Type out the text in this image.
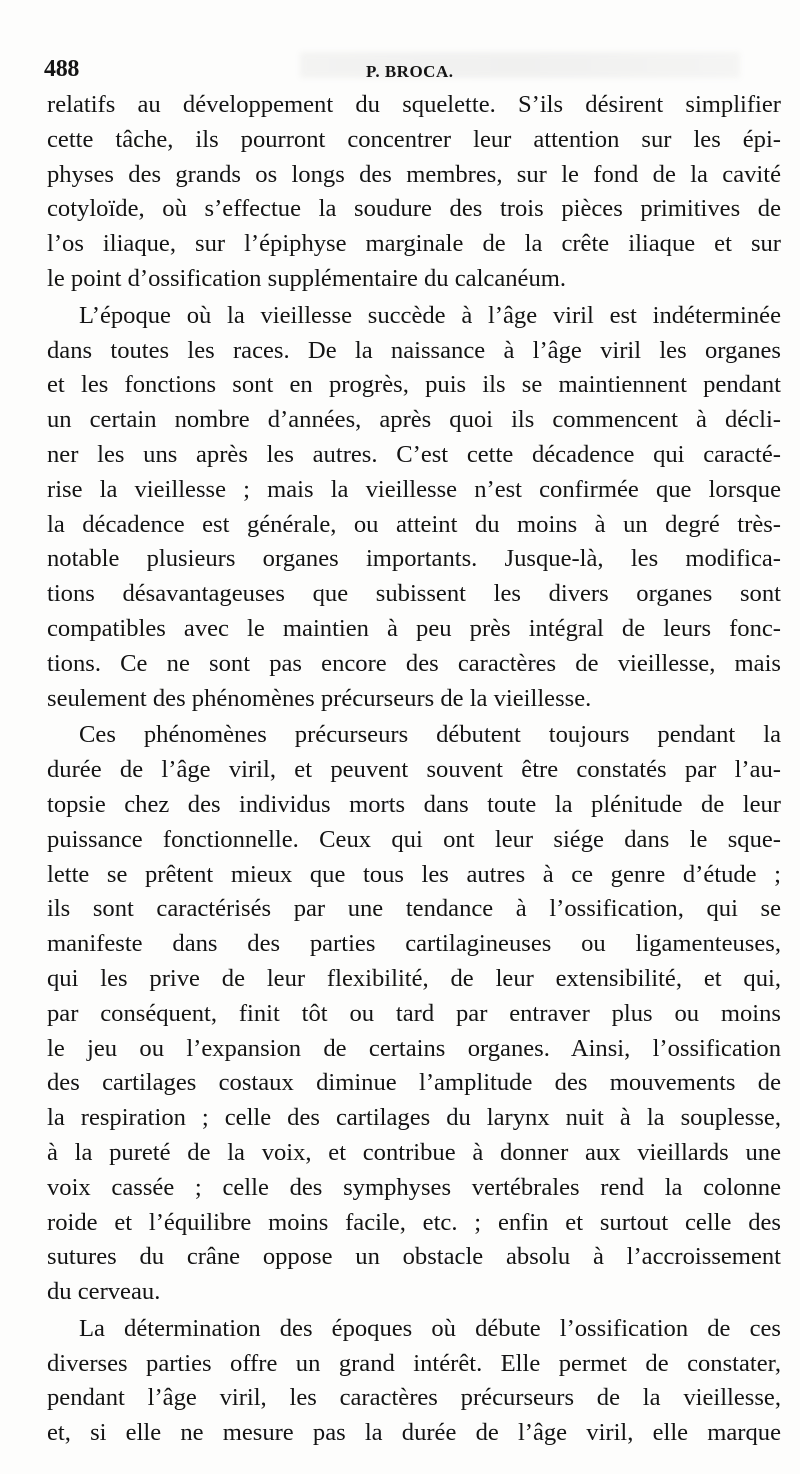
488	P. BROCA.
relatifs au développement du squelette. S’ils désirent simplifier
cette tâche, ils pourront concentrer leur attention sur les épi-
physes des grands os longs des membres, sur le fond de la cavité
cotyloïde, où s’effectue la soudure des trois pièces primitives de
l’os iliaque, sur l’épiphyse marginale de la crête iliaque et sur
le point d’ossification supplémentaire du calcanéum.
L’époque où la vieillesse succède à l’âge viril est indéterminée
dans toutes les races. De la naissance à l’âge viril les organes
et les fonctions sont en progrès, puis ils se maintiennent pendant
un certain nombre d’années, après quoi ils commencent à décli-
ner les uns après les autres. C’est cette décadence qui caracté-
rise la vieillesse ; mais la vieillesse n’est confirmée que lorsque
la décadence est générale, ou atteint du moins à un degré très-
notable plusieurs organes importants. Jusque-là, les modifica-
tions désavantageuses que subissent les divers organes sont
compatibles avec le maintien à peu près intégral de leurs fonc-
tions. Ce ne sont pas encore des caractères de vieillesse, mais
seulement des phénomènes précurseurs de la vieillesse.
Ces phénomènes précurseurs débutent toujours pendant la
durée de l’âge viril, et peuvent souvent être constatés par l’au-
topsie chez des individus morts dans toute la plénitude de leur
puissance fonctionnelle. Ceux qui ont leur siége dans le sque-
lette se prêtent mieux que tous les autres à ce genre d’étude ;
ils sont caractérisés par une tendance à l’ossification, qui se
manifeste dans des parties cartilagineuses ou ligamenteuses,
qui les prive de leur flexibilité, de leur extensibilité, et qui,
par conséquent, finit tôt ou tard par entraver plus ou moins
le jeu ou l’expansion de certains organes. Ainsi, l’ossification
des cartilages costaux diminue l’amplitude des mouvements de
la respiration ; celle des cartilages du larynx nuit à la souplesse,
à la pureté de la voix, et contribue à donner aux vieillards une
voix cassée ; celle des symphyses vertébrales rend la colonne
roide et l’équilibre moins facile, etc. ; enfin et surtout celle des
sutures du crâne oppose un obstacle absolu à l’accroissement
du cerveau.
La détermination des époques où débute l’ossification de ces
diverses parties offre un grand intérêt. Elle permet de constater,
pendant l’âge viril, les caractères précurseurs de la vieillesse,
et, si elle ne mesure pas la durée de l’âge viril, elle marque
